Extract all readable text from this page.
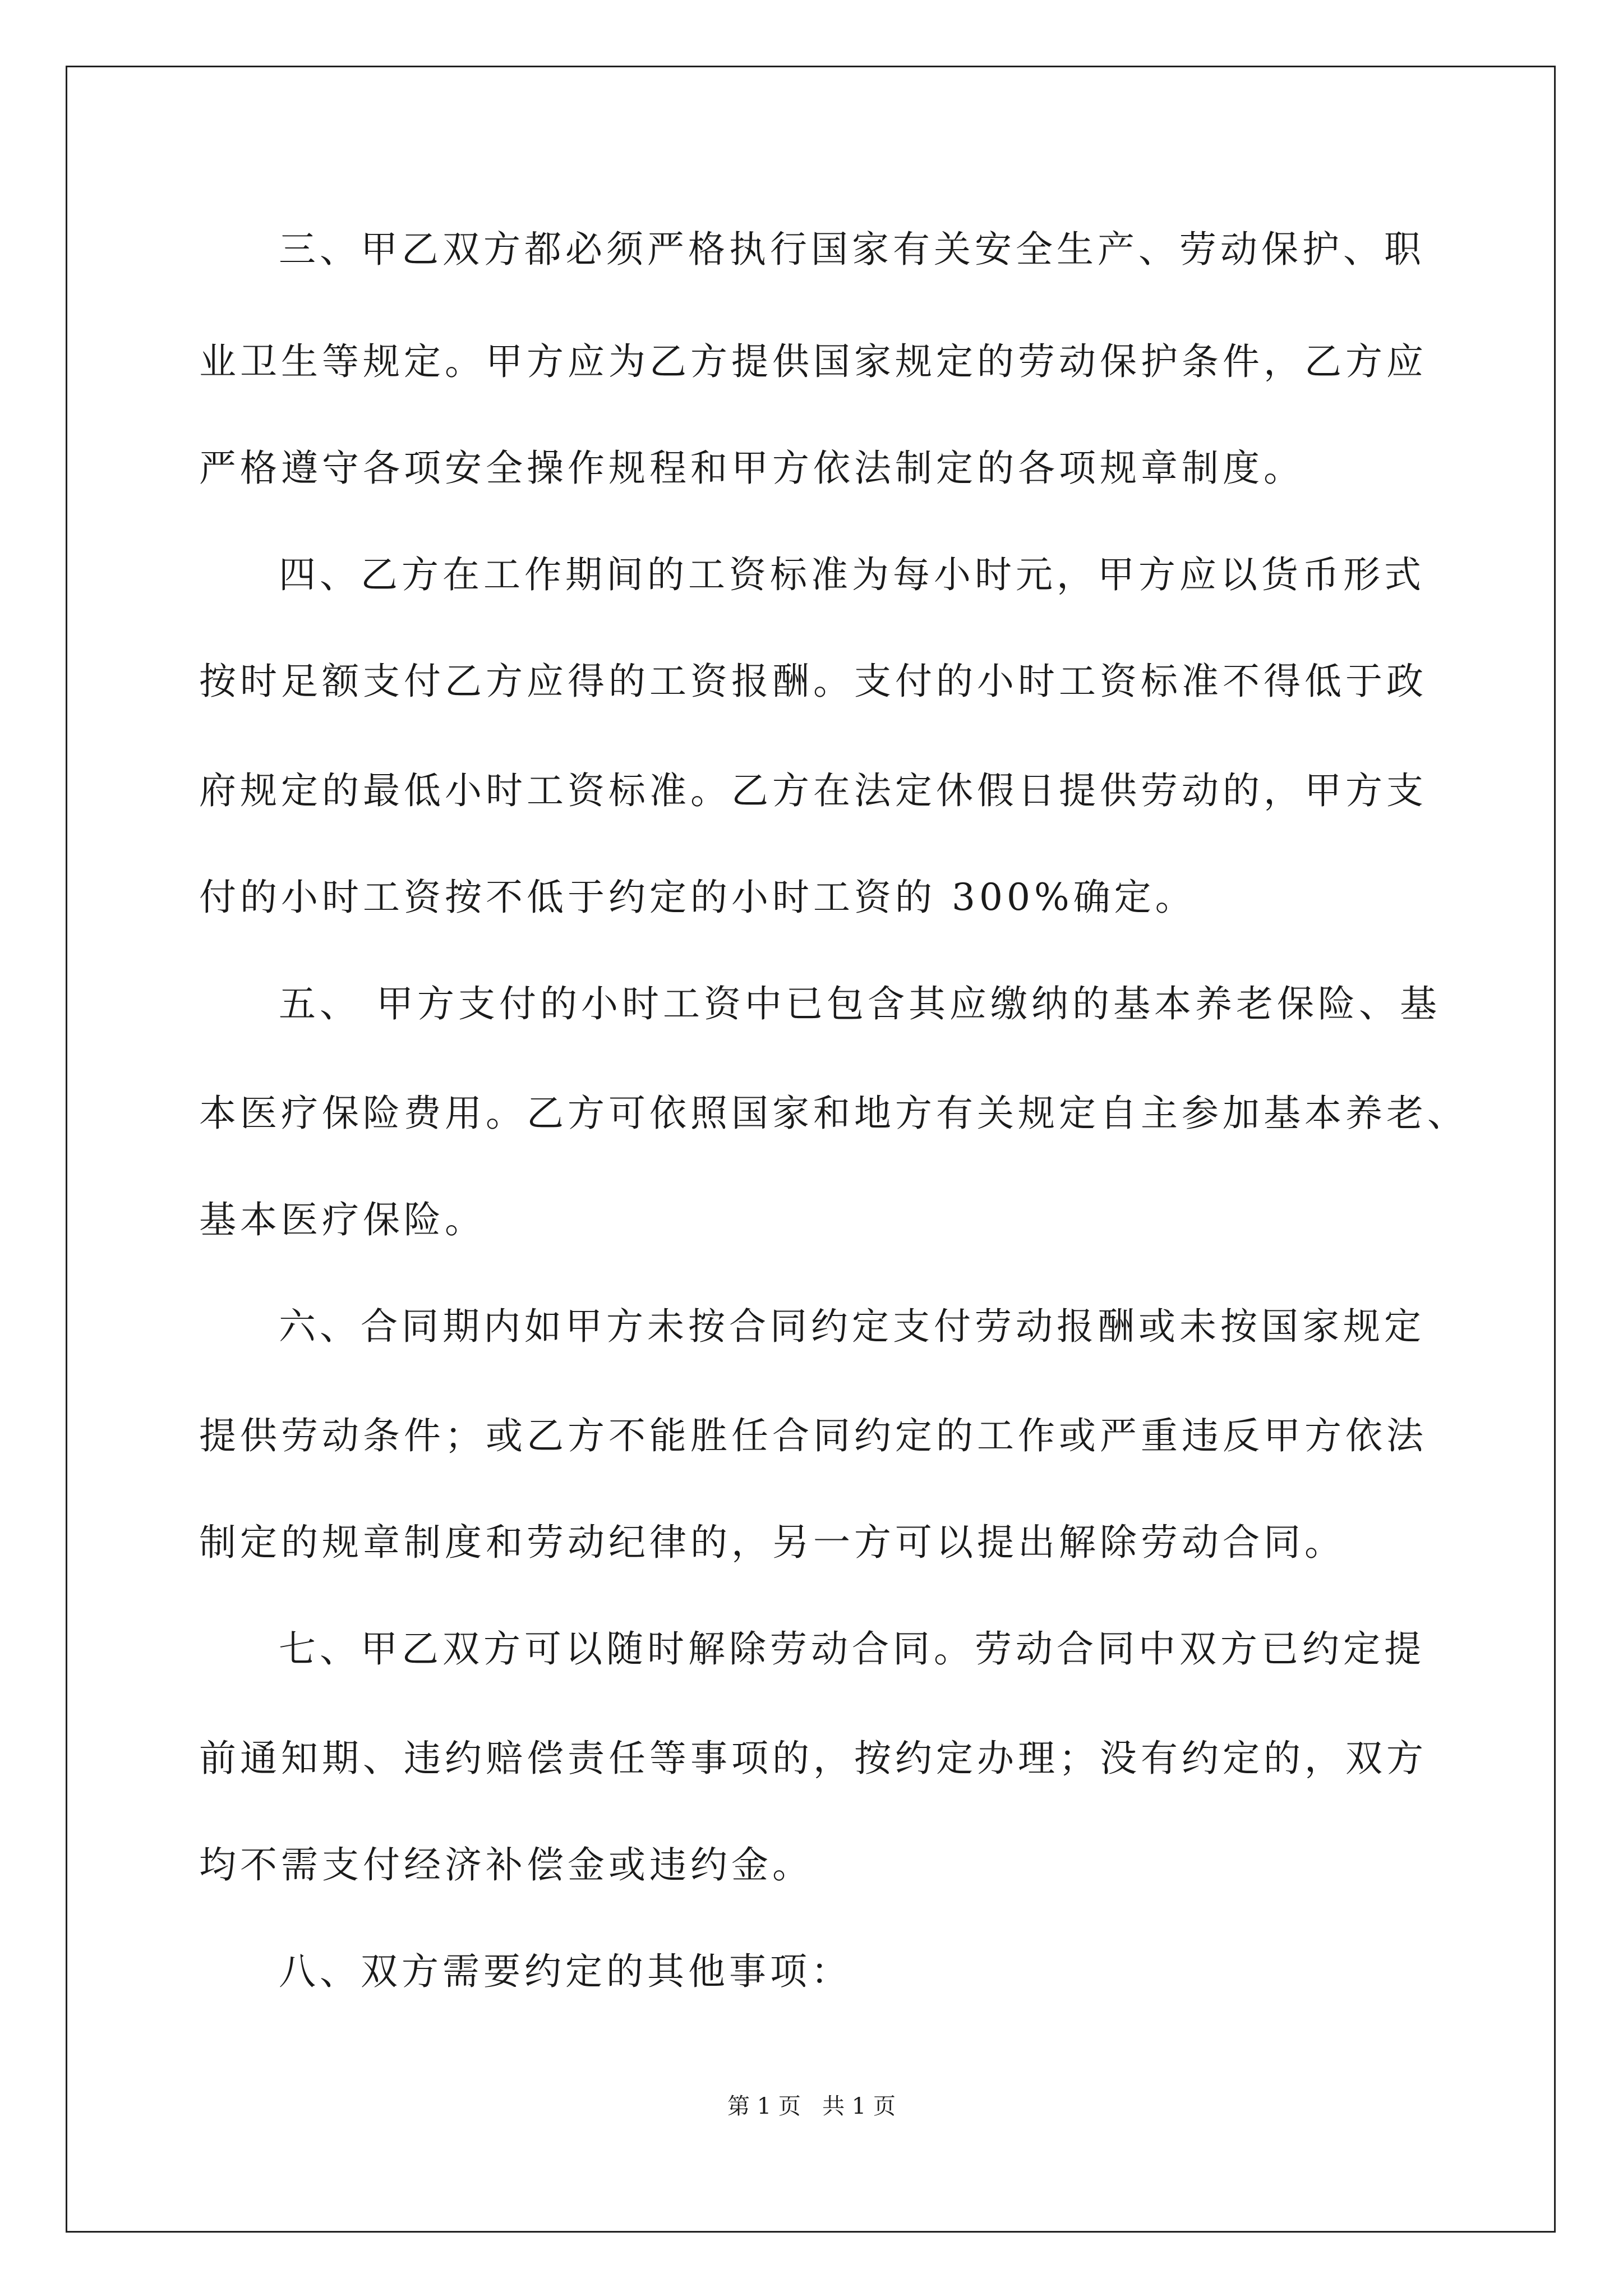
三、甲乙双方都必须严格执行国家有关安全生产、劳动保护、职

业卫生等规定。甲方应为乙方提供国家规定的劳动保护条件，乙方应

严格遵守各项安全操作规程和甲方依法制定的各项规章制度。

四、乙方在工作期间的工资标准为每小时元，甲方应以货币形式

按时足额支付乙方应得的工资报酬。支付的小时工资标准不得低于政

府规定的最低小时工资标准。乙方在法定休假日提供劳动的，甲方支

付的小时工资按不低于约定的小时工资的 300%确定。

五、 甲方支付的小时工资中已包含其应缴纳的基本养老保险、基

本医疗保险费用。乙方可依照国家和地方有关规定自主参加基本养老、

基本医疗保险。

六、合同期内如甲方未按合同约定支付劳动报酬或未按国家规定

提供劳动条件；或乙方不能胜任合同约定的工作或严重违反甲方依法

制定的规章制度和劳动纪律的，另一方可以提出解除劳动合同。

七、甲乙双方可以随时解除劳动合同。劳动合同中双方已约定提

前通知期、违约赔偿责任等事项的，按约定办理；没有约定的，双方

均不需支付经济补偿金或违约金。

八、双方需要约定的其他事项：

第 1 页   共 1 页
